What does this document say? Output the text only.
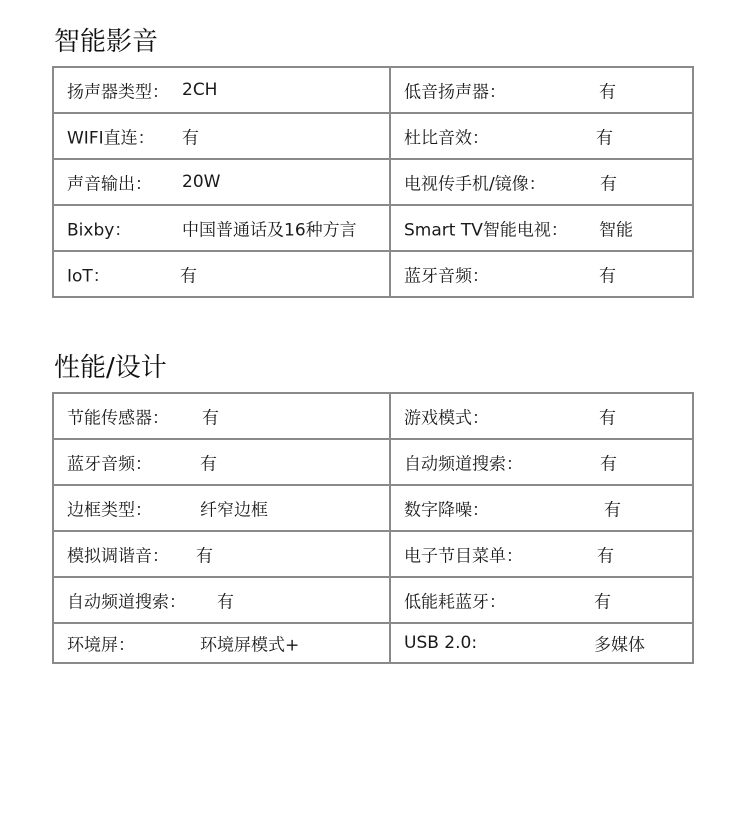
智能影音
扬声器类型： 2CH	低音扬声器： 有

WIFI直连： 有	杜比音效： 有

声音输出： 20W	电视传手机/镜像： 有

Bixby： 中国普通话及16种方言	Smart TV智能电视： 智能

IoT： 有	蓝牙音频： 有
性能/设计
节能传感器： 有	游戏模式： 有

蓝牙音频： 有	自动频道搜索： 有

边框类型： 纤窄边框	数字降噪： 有

模拟调谐音： 有	电子节目菜单： 有

自动频道搜索： 有	低能耗蓝牙： 有

环境屏： 环境屏模式+	USB 2.0: 多媒体
